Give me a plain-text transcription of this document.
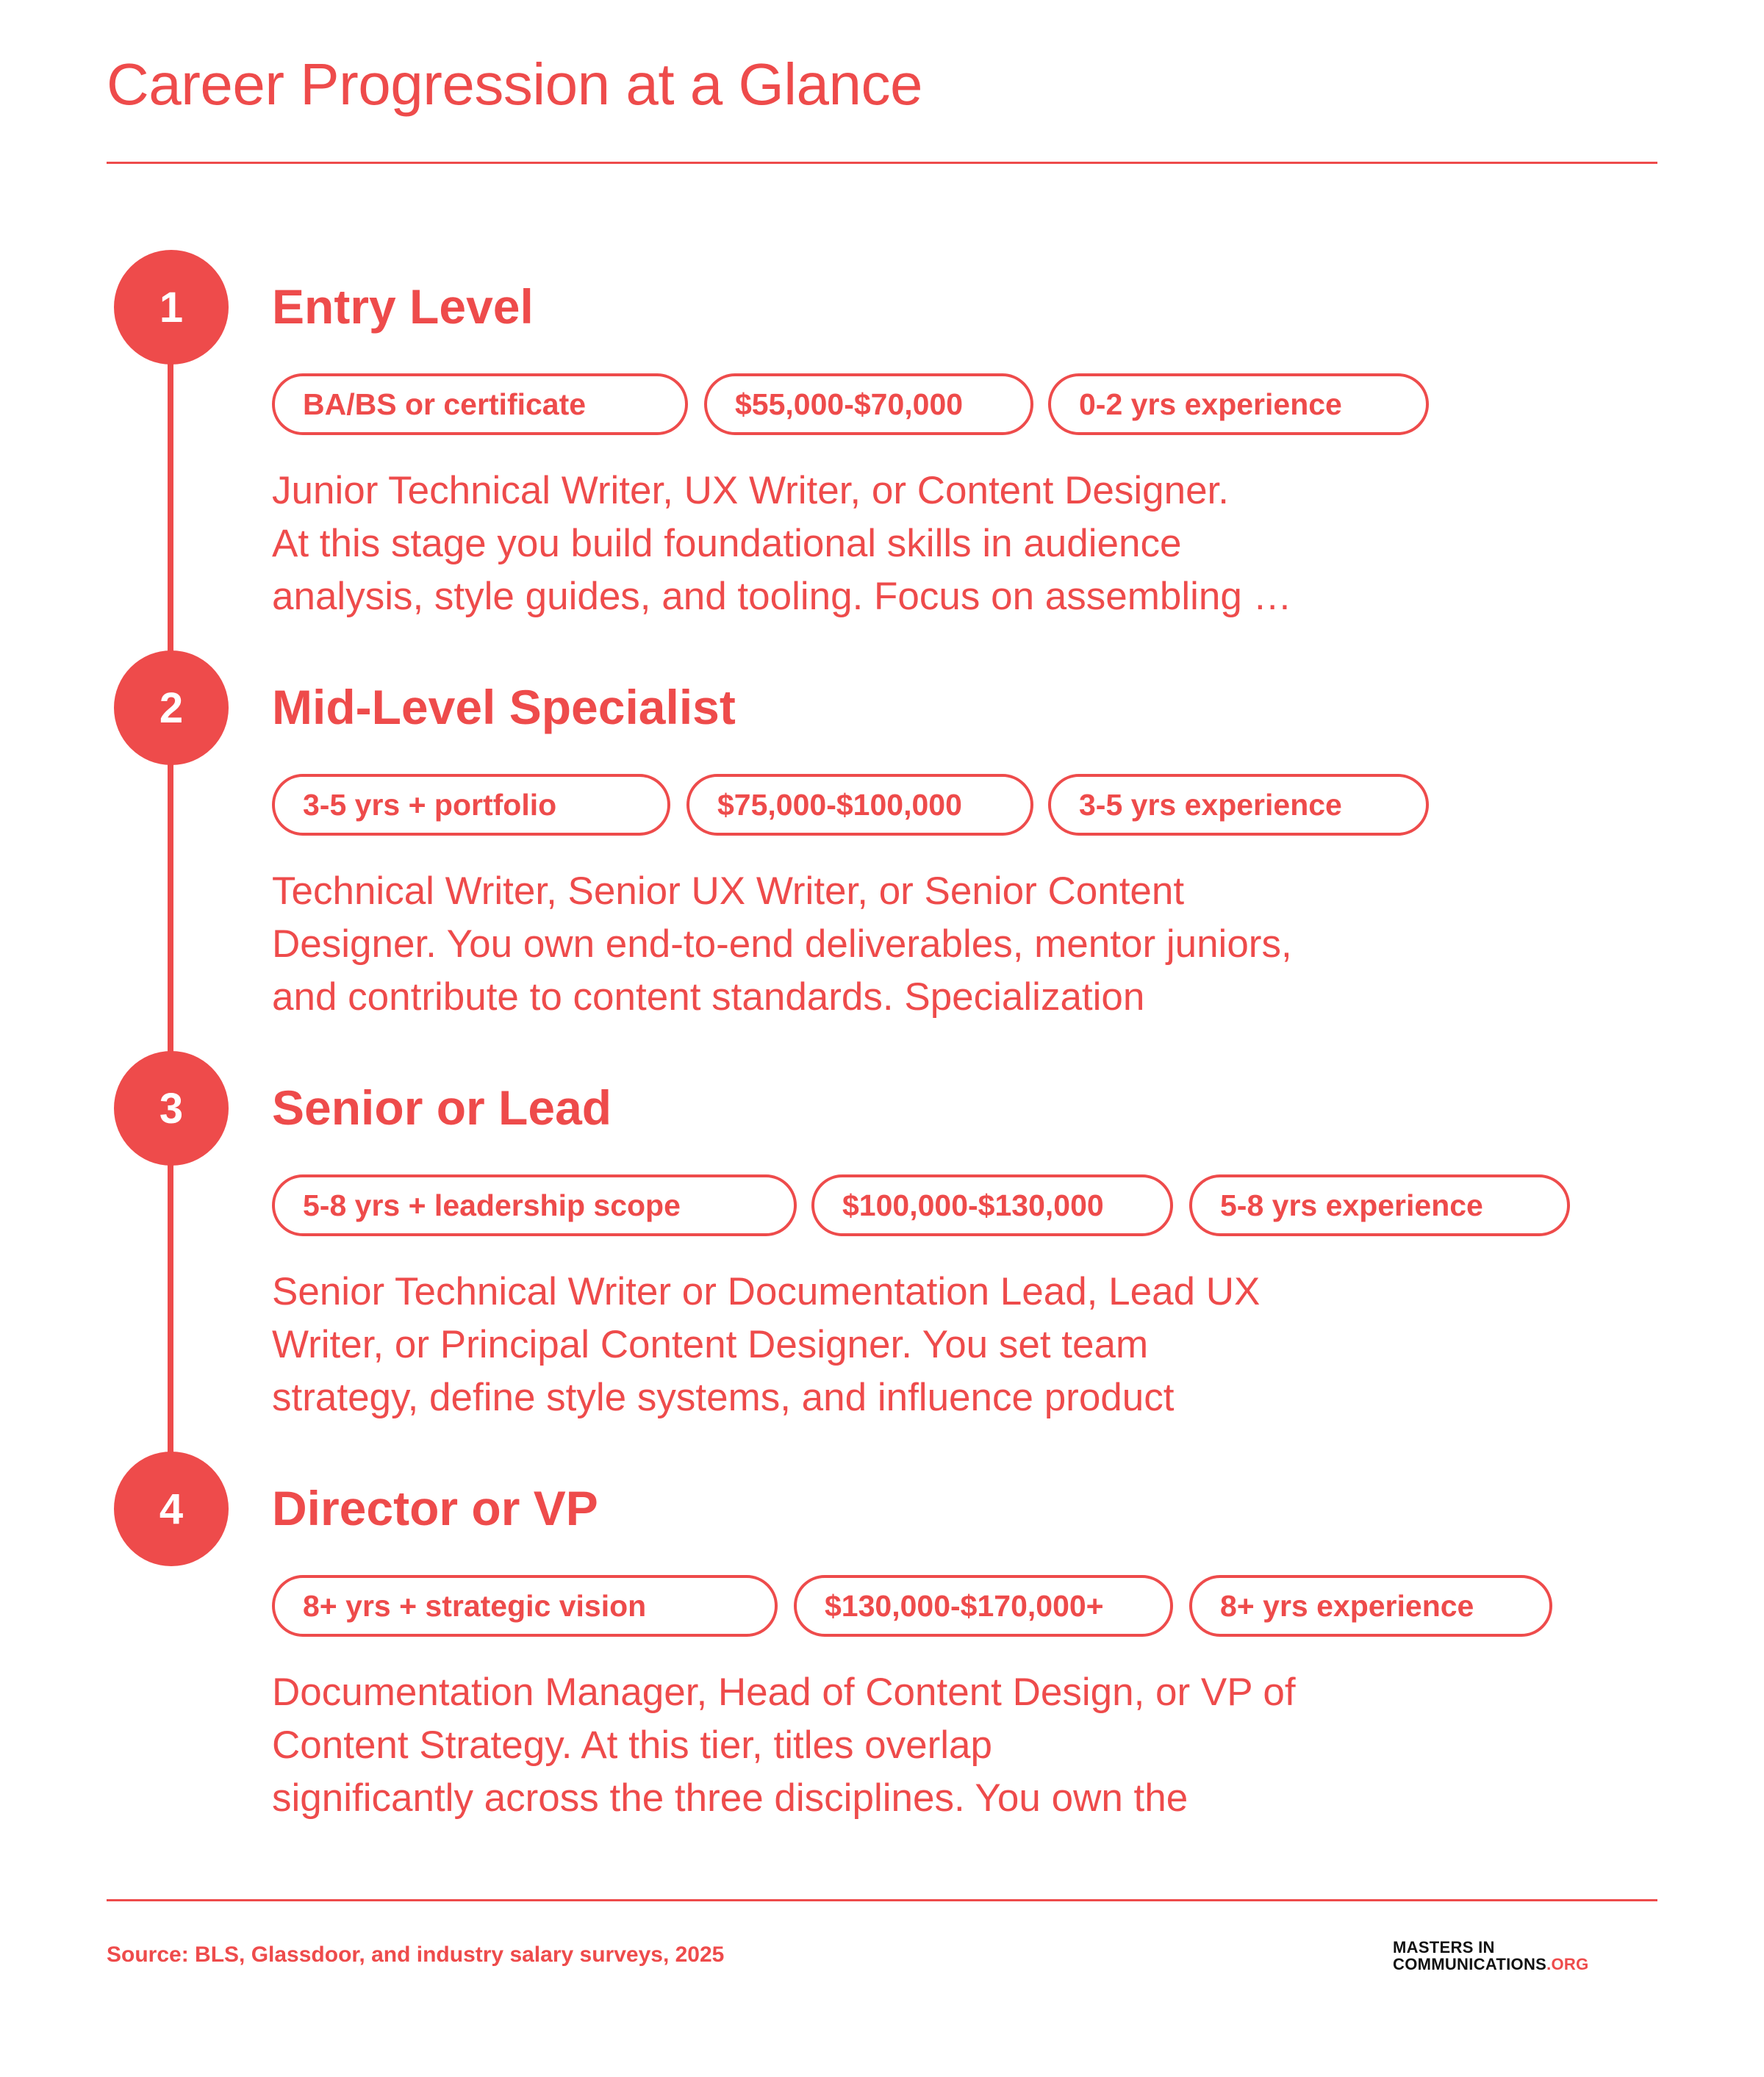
Career Progression at a Glance
1	Entry Level
BA/BS or certificate	$55,000-$70,000	0-2 yrs experience

Junior Technical Writer, UX Writer, or Content Designer.
At this stage you build foundational skills in audience
analysis, style guides, and tooling. Focus on assembling …

2	Mid-Level Specialist
3-5 yrs + portfolio	$75,000-$100,000	3-5 yrs experience

Technical Writer, Senior UX Writer, or Senior Content
Designer. You own end-to-end deliverables, mentor juniors,
and contribute to content standards. Specialization

3	Senior or Lead
5-8 yrs + leadership scope	$100,000-$130,000	5-8 yrs experience

Senior Technical Writer or Documentation Lead, Lead UX
Writer, or Principal Content Designer. You set team
strategy, define style systems, and influence product

4	Director or VP
8+ yrs + strategic vision	$130,000-$170,000+	8+ yrs experience

Documentation Manager, Head of Content Design, or VP of
Content Strategy. At this tier, titles overlap
significantly across the three disciplines. You own the

Source: BLS, Glassdoor, and industry salary surveys, 2025	MASTERS IN
COMMUNICATIONS.ORG
